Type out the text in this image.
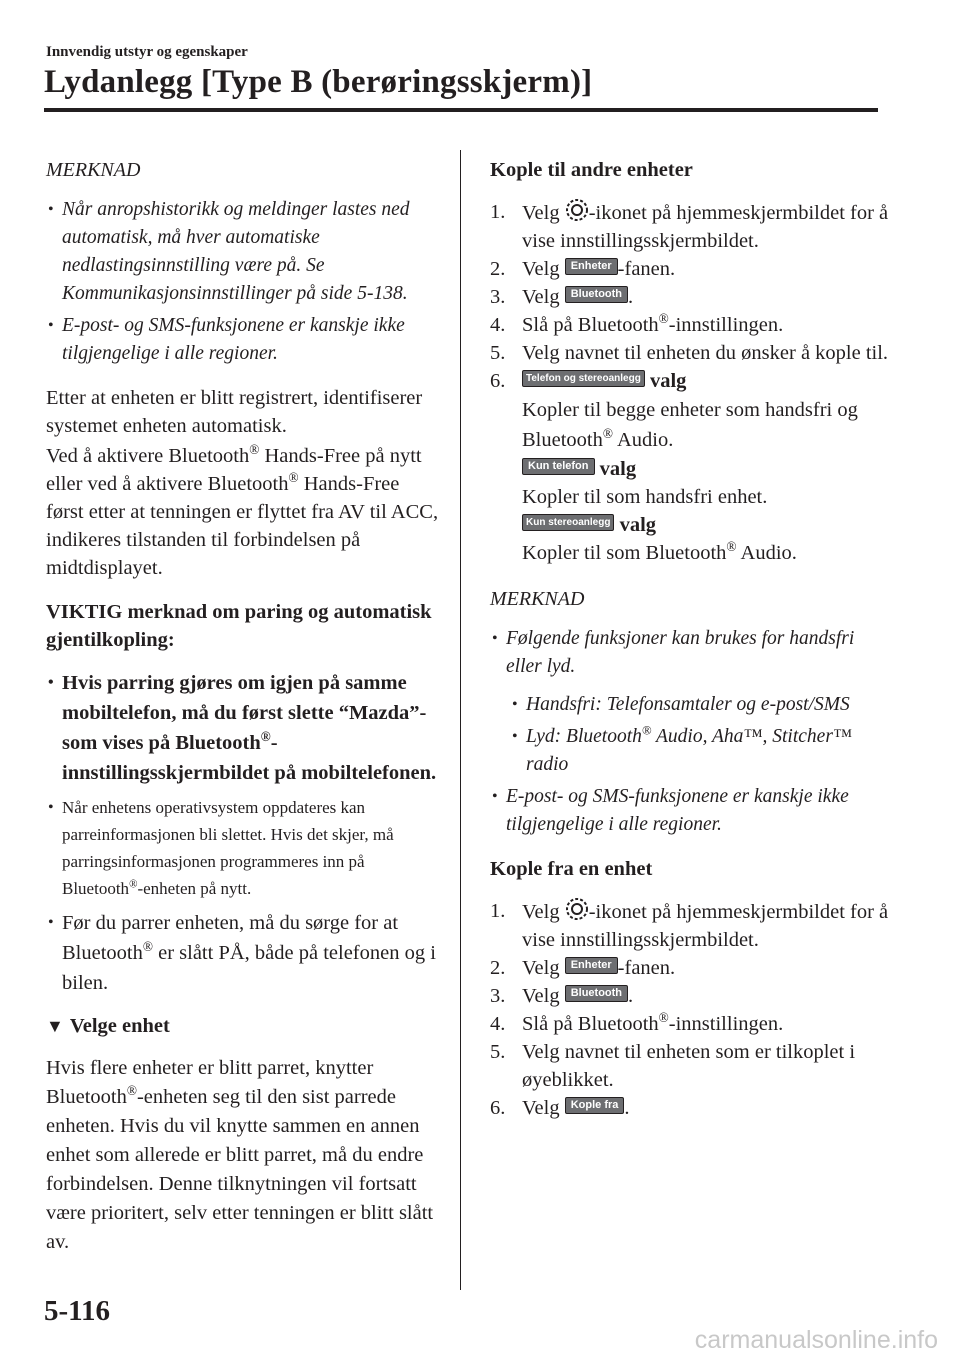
Innvendig utstyr og egenskaper
Lydanlegg [Type B (berøringsskjerm)]

MERKNAD

• Når anropshistorikk og meldinger lastes ned automatisk, må hver automatiske nedlastingsinnstilling være på. Se Kommunikasjonsinnstillinger på side 5-138.
• E-post- og SMS-funksjonene er kanskje ikke tilgjengelige i alle regioner.

Etter at enheten er blitt registrert, identifiserer systemet enheten automatisk.

Ved å aktivere Bluetooth® Hands-Free på nytt eller ved å aktivere Bluetooth® Hands-Free først etter at tenningen er flyttet fra AV til ACC, indikeres tilstanden til forbindelsen på midtdisplayet.

VIKTIG merknad om paring og automatisk gjentilkopling:

• Hvis parring gjøres om igjen på samme mobiltelefon, må du først slette “Mazda”-som vises på Bluetooth®-innstillingsskjermbildet på mobiltelefonen.
• Når enhetens operativsystem oppdateres kan parreinformasjonen bli slettet. Hvis det skjer, må parringsinformasjonen programmeres inn på Bluetooth®-enheten på nytt.
• Før du parrer enheten, må du sørge for at Bluetooth® er slått PÅ, både på telefonen og i bilen.

▼ Velge enhet

Hvis flere enheter er blitt parret, knytter Bluetooth®-enheten seg til den sist parrede enheten. Hvis du vil knytte sammen en annen enhet som allerede er blitt parret, må du endre forbindelsen. Denne tilknytningen vil fortsatt være prioritert, selv etter tenningen er blitt slått av.

Kople til andre enheter

1. Velg -ikonet på hjemmeskjermbildet for å vise innstillingsskjermbildet.
2. Velg Enheter -fanen.
3. Velg Bluetooth .
4. Slå på Bluetooth®-innstillingen.
5. Velg navnet til enheten du ønsker å kople til.
6. Telefon og stereoanlegg valg
Kopler til begge enheter som handsfri og Bluetooth® Audio.
Kun telefon valg
Kopler til som handsfri enhet.
Kun stereoanlegg valg
Kopler til som Bluetooth® Audio.

MERKNAD

• Følgende funksjoner kan brukes for handsfri eller lyd.
• Handsfri: Telefonsamtaler og e-post/SMS
• Lyd: Bluetooth® Audio, Aha™, Stitcher™ radio
• E-post- og SMS-funksjonene er kanskje ikke tilgjengelige i alle regioner.

Kople fra en enhet

1. Velg -ikonet på hjemmeskjermbildet for å vise innstillingsskjermbildet.
2. Velg Enheter -fanen.
3. Velg Bluetooth .
4. Slå på Bluetooth®-innstillingen.
5. Velg navnet til enheten som er tilkoplet i øyeblikket.
6. Velg Kople fra .
5-116
carmanualsonline.info
